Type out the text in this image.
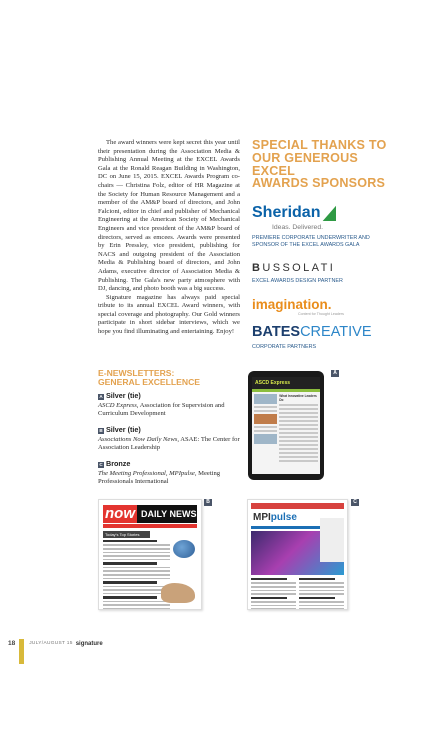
The award winners were kept secret this year until their presentation during the Association Media & Publishing Annual Meeting at the EXCEL Awards Gala at the Ronald Reagan Building in Washington, DC on June 15, 2015. EXCEL Awards Program co-chairs — Christina Folz, editor of HR Magazine at the Society for Human Resource Management and a member of the AM&P board of directors, and John Falcioni, editor in chief and publisher of Mechanical Engineering at the American Society of Mechanical Engineers and vice president of the AM&P board of directors, served as emcees. Awards were presented by Erin Pressley, vice president, publishing for NACS and outgoing president of the Association Media & Publishing board of directors, and John Adams, executive director of Association Media & Publishing. The Gala's new party atmosphere with DJ, dancing, and photo booth was a big success.

Signature magazine has always paid special tribute to its annual EXCEL Award winners, with special coverage and photography. Our Gold winners participate in short sidebar interviews, which we hope you find illuminating and entertaining. Enjoy!

SPECIAL THANKS TO
OUR GENEROUS EXCEL
AWARDS SPONSORS
Sheridan
Ideas. Delivered.
PREMIERE CORPORATE UNDERWRITER AND
SPONSOR OF THE EXCEL AWARDS GALA
BUSSOLATI
EXCEL AWARDS DESIGN PARTNER
imagination.
Content for Thought Leaders
BATESCREATIVE
CORPORATE PARTNERS
E-NEWSLETTERS:
GENERAL EXCELLENCE
A Silver (tie)
ASCD Express, Association for Supervision and Curriculum Development
B Silver (tie)
Associations Now Daily News, ASAE: The Center for Association Leadership
C Bronze
The Meeting Professional, MPIpulse, Meeting Professionals International
ASCD Express
What Innovative Leaders Do
A
now DAILY NEWS
Today's Top Stories
B
MPIpulse
C
18	JULY/AUGUST 15 signature
